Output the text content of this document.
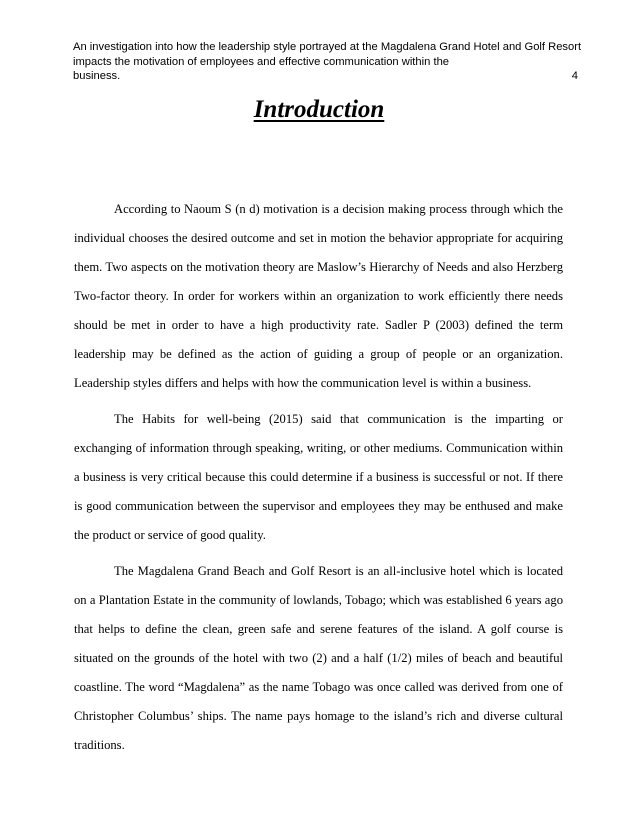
An investigation into how the leadership style portrayed at the Magdalena Grand Hotel and Golf Resort
impacts the motivation of employees and effective communication within the
business.	4
Introduction

According to Naoum S (n d) motivation is a decision making process through which the individual chooses the desired outcome and set in motion the behavior appropriate for acquiring them. Two aspects on the motivation theory are Maslow’s Hierarchy of Needs and also Herzberg Two-factor theory. In order for workers within an organization to work efficiently there needs should be met in order to have a high productivity rate. Sadler P (2003) defined the term leadership may be defined as the action of guiding a group of people or an organization. Leadership styles differs and helps with how the communication level is within a business.

The Habits for well-being (2015) said that communication is the imparting or exchanging of information through speaking, writing, or other mediums. Communication within a business is very critical because this could determine if a business is successful or not. If there is good communication between the supervisor and employees they may be enthused and make the product or service of good quality.

The Magdalena Grand Beach and Golf Resort is an all-inclusive hotel which is located on a Plantation Estate in the community of lowlands, Tobago; which was established 6 years ago that helps to define the clean, green safe and serene features of the island. A golf course is situated on the grounds of the hotel with two (2) and a half (1/2) miles of beach and beautiful coastline. The word “Magdalena” as the name Tobago was once called was derived from one of Christopher Columbus’ ships. The name pays homage to the island’s rich and diverse cultural traditions.
